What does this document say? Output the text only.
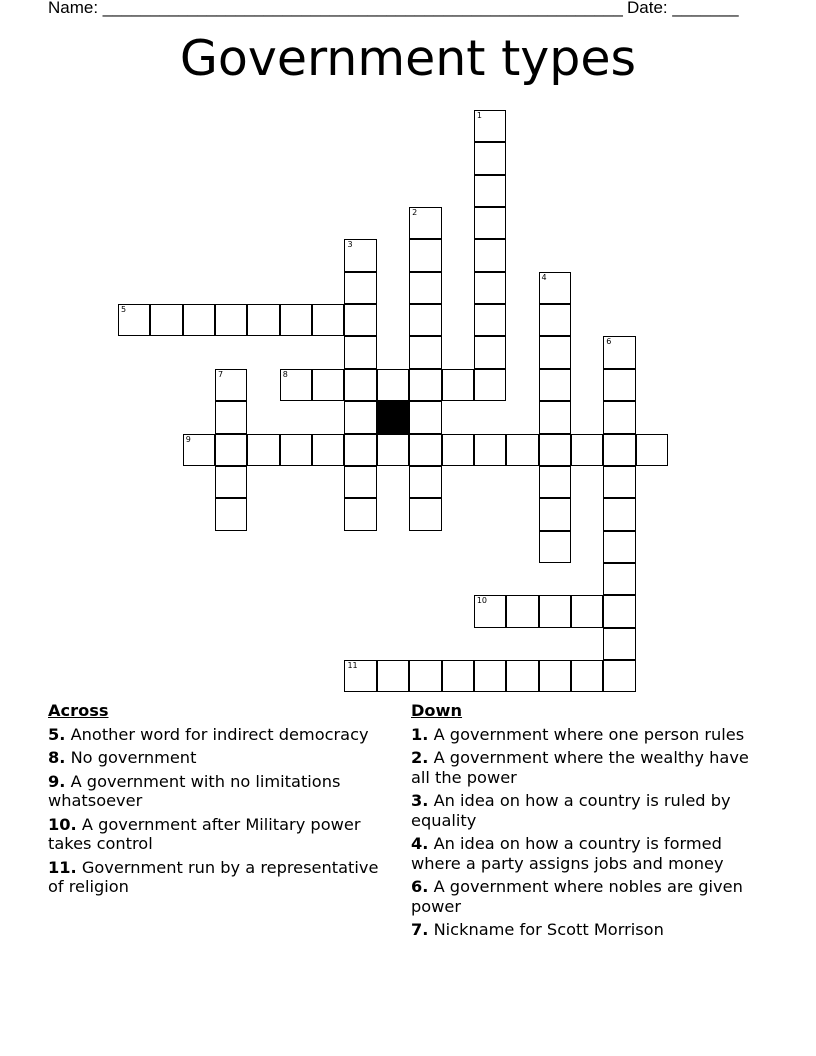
Name: _______________________________________________________ Date: _______
Government types
1
2
3
4
5
6
7	8
9
10
11
Across
5. Another word for indirect democracy
8. No government
9. A government with no limitations whatsoever
10. A government after Military power takes control
11. Government run by a representative of religion
Down
1. A government where one person rules
2. A government where the wealthy have all the power
3. An idea on how a country is ruled by equality
4. An idea on how a country is formed where a party assigns jobs and money
6. A government where nobles are given power
7. Nickname for Scott Morrison
